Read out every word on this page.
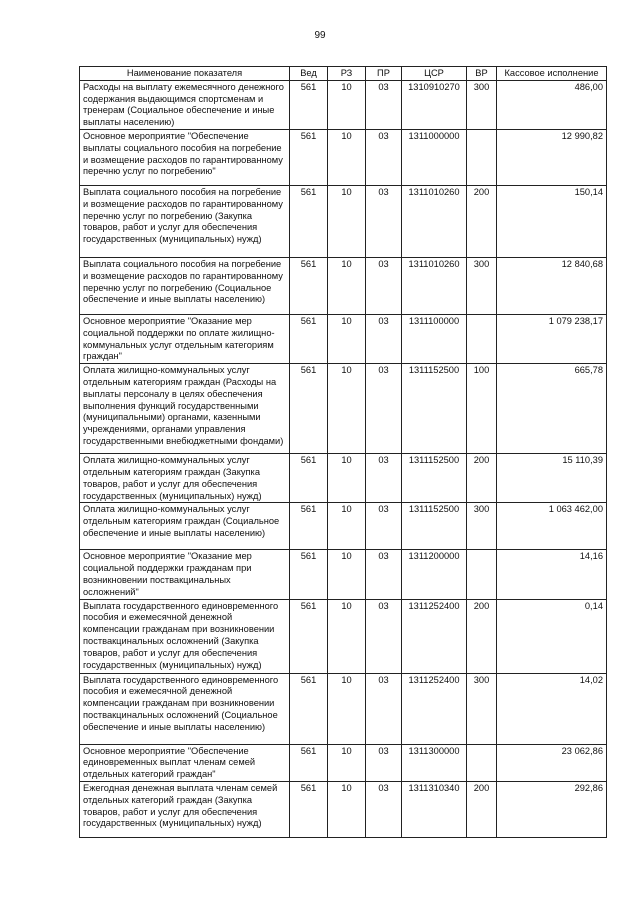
99
Наименование показателя	Вед	РЗ	ПР	ЦСР	ВР	Кассовое исполнение
Расходы на выплату ежемесячного денежного содержания выдающимся спортсменам и тренерам (Социальное обеспечение и иные выплаты населению)	561	10	03	1310910270	300	486,00
Основное мероприятие "Обеспечение выплаты социального пособия на погребение и возмещение расходов по гарантированному перечню услуг по погребению"	561	10	03	1311000000		12 990,82
Выплата социального пособия на погребение и возмещение расходов по гарантированному перечню услуг по погребению (Закупка товаров, работ и услуг для обеспечения государственных (муниципальных) нужд)	561	10	03	1311010260	200	150,14
Выплата социального пособия на погребение и возмещение расходов по гарантированному перечню услуг по погребению (Социальное обеспечение и иные выплаты населению)	561	10	03	1311010260	300	12 840,68
Основное мероприятие "Оказание мер социальной поддержки по оплате жилищно-коммунальных услуг отдельным категориям граждан"	561	10	03	1311100000		1 079 238,17
Оплата жилищно-коммунальных услуг отдельным категориям граждан (Расходы на выплаты персоналу в целях обеспечения выполнения функций государственными (муниципальными) органами, казенными учреждениями, органами управления государственными внебюджетными фондами)	561	10	03	1311152500	100	665,78
Оплата жилищно-коммунальных услуг отдельным категориям граждан (Закупка товаров, работ и услуг для обеспечения государственных (муниципальных) нужд)	561	10	03	1311152500	200	15 110,39
Оплата жилищно-коммунальных услуг отдельным категориям граждан (Социальное обеспечение и иные выплаты населению)	561	10	03	1311152500	300	1 063 462,00
Основное мероприятие "Оказание мер социальной поддержки гражданам при возникновении поствакцинальных осложнений"	561	10	03	1311200000		14,16
Выплата государственного единовременного пособия и ежемесячной денежной компенсации гражданам при возникновении поствакцинальных осложнений (Закупка товаров, работ и услуг для обеспечения государственных (муниципальных) нужд)	561	10	03	1311252400	200	0,14
Выплата государственного единовременного пособия и ежемесячной денежной компенсации гражданам при возникновении поствакцинальных осложнений (Социальное обеспечение и иные выплаты населению)	561	10	03	1311252400	300	14,02
Основное мероприятие "Обеспечение единовременных выплат членам семей отдельных категорий граждан"	561	10	03	1311300000		23 062,86
Ежегодная денежная выплата членам семей отдельных категорий граждан (Закупка товаров, работ и услуг для обеспечения государственных (муниципальных) нужд)	561	10	03	1311310340	200	292,86
